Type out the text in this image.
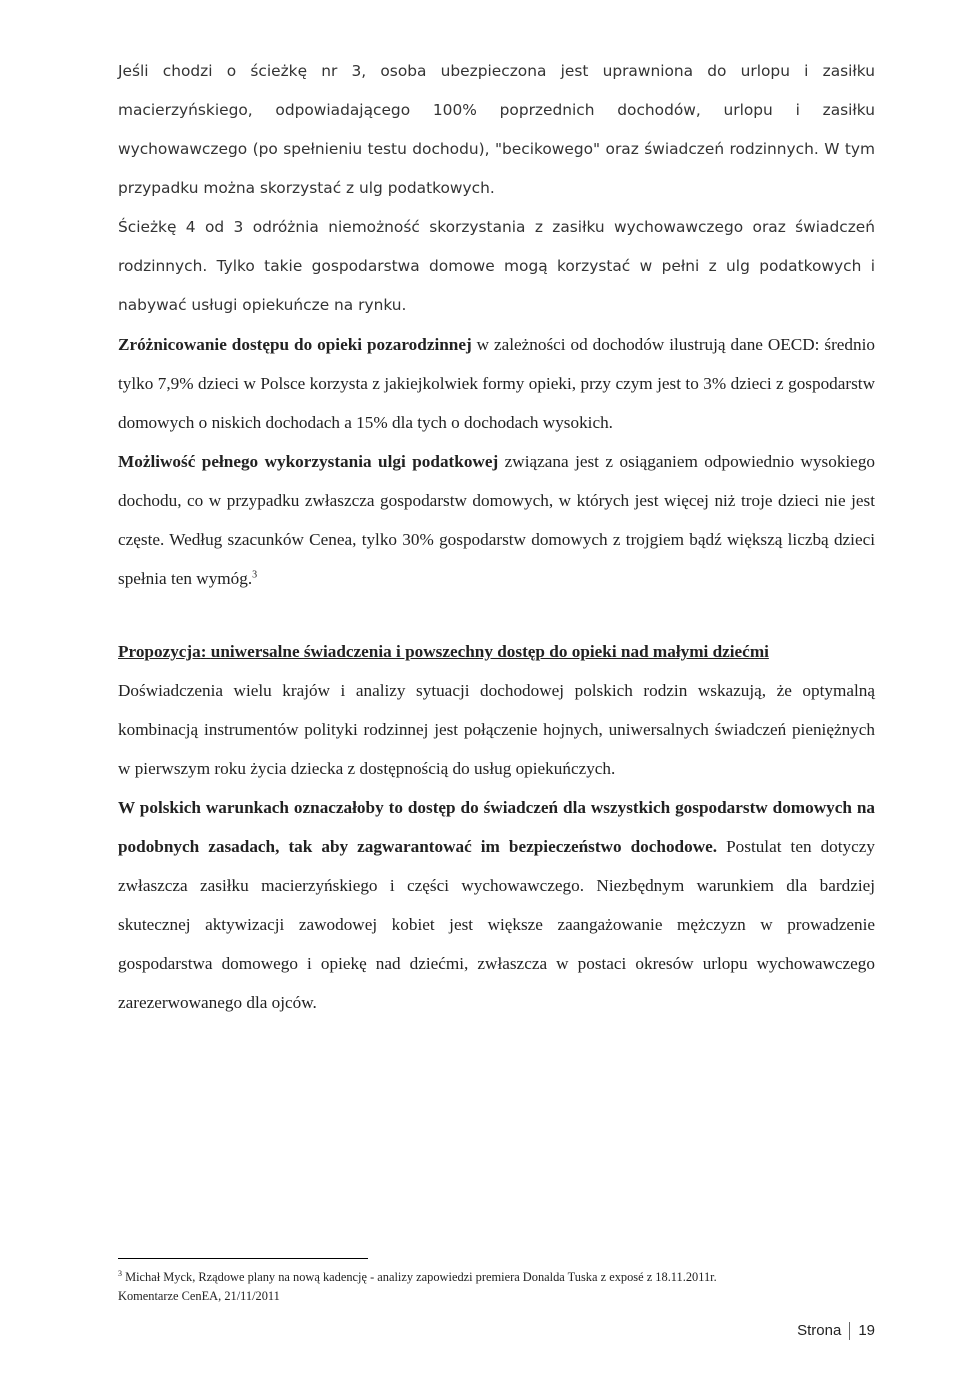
Jeśli chodzi o ścieżkę nr 3, osoba ubezpieczona jest uprawniona do urlopu i zasiłku macierzyńskiego, odpowiadającego 100% poprzednich dochodów, urlopu i zasiłku wychowawczego (po spełnieniu testu dochodu), "becikowego" oraz świadczeń rodzinnych. W tym przypadku można skorzystać z ulg podatkowych.

Ścieżkę 4 od 3 odróżnia niemożność skorzystania z zasiłku wychowawczego oraz świadczeń rodzinnych. Tylko takie gospodarstwa domowe mogą korzystać w pełni z ulg podatkowych i nabywać usługi opiekuńcze na rynku.

Zróżnicowanie dostępu do opieki pozarodzinnej w zależności od dochodów ilustrują dane OECD: średnio tylko 7,9% dzieci w Polsce korzysta z jakiejkolwiek formy opieki, przy czym jest to 3% dzieci z gospodarstw domowych o niskich dochodach a 15% dla tych o dochodach wysokich.

Możliwość pełnego wykorzystania ulgi podatkowej związana jest z osiąganiem odpowiednio wysokiego dochodu, co w przypadku zwłaszcza gospodarstw domowych, w których jest więcej niż troje dzieci nie jest częste. Według szacunków Cenea, tylko 30% gospodarstw domowych z trojgiem bądź większą liczbą dzieci spełnia ten wymóg.$^3$

Propozycja: uniwersalne świadczenia i powszechny dostęp do opieki nad małymi dziećmi

Doświadczenia wielu krajów i analizy sytuacji dochodowej polskich rodzin wskazują, że optymalną kombinacją instrumentów polityki rodzinnej jest połączenie hojnych, uniwersalnych świadczeń pieniężnych w pierwszym roku życia dziecka z dostępnością do usług opiekuńczych.

W polskich warunkach oznaczałoby to dostęp do świadczeń dla wszystkich gospodarstw domowych na podobnych zasadach, tak aby zagwarantować im bezpieczeństwo dochodowe. Postulat ten dotyczy zwłaszcza zasiłku macierzyńskiego i części wychowawczego. Niezbędnym warunkiem dla bardziej skutecznej aktywizacji zawodowej kobiet jest większe zaangażowanie mężczyzn w prowadzenie gospodarstwa domowego i opiekę nad dziećmi, zwłaszcza w postaci okresów urlopu wychowawczego zarezerwowanego dla ojców.

$^3$ Michał Myck, Rządowe plany na nową kadencję - analizy zapowiedzi premiera Donalda Tuska z exposé z 18.11.2011r.
Komentarze CenEA, 21/11/2011
Strona 19
